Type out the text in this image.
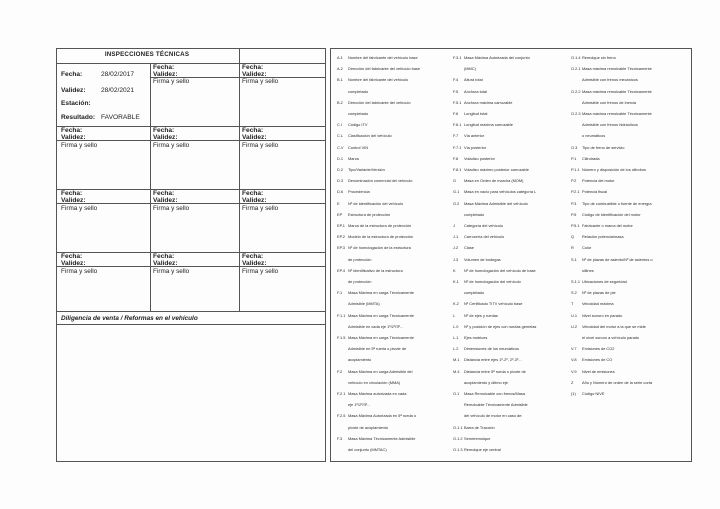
INSPECCIONES TÉCNICAS
Fecha:	28/02/2017
Validez: 28/02/2021
Estación:
Resultado: FAVORABLE
Fecha:
Validez:
Firma y sello
Fecha:
Validez:
Firma y sello
Fecha:
Validez:
Firma y sello
Fecha:
Validez:
Firma y sello
Fecha:
Validez:
Firma y sello
Fecha:
Validez:
Firma y sello
Fecha:
Validez:
Firma y sello
Fecha:
Validez:
Firma y sello
Fecha:
Validez:
Firma y sello
Fecha:
Validez:
Firma y sello
Fecha:
Validez:
Firma y sello
Diligencia de venta / Reformas en el vehículo
A.1 Nombre del fabricante del vehículo base
A.2 Dirección del fabricante del vehículo base
B.1 Nombre del fabricante del vehículo
completado
B.2 Dirección del fabricante del vehículo
completado
C.I Código ITV
C.L Clasificación del vehículo
C.V Control VIN
D.1 Marca
D.2 Tipo/Variante/Versión
D.3 Denominación comercial del vehículo
D.6 Procedencia
E Nº de identificación del vehículo
EP Estructura de protección
EP.1 Marca de la estructura de protección
EP.2 Modelo de la estructura de protección
EP.3 Nº de homologación de la estructura
de protección
EP.4 Nº identificativo de la estructura
de protección
F.1 Masa Máxima en carga Técnicamente
Admisible (MMTA)
F.1.1 Masa Máxima en carga Técnicamente
Admisible en cada eje 1º/2º/3º...
F.1.5 Masa Máxima en carga Técnicamente
Admisible en 5ª rueda o pivote de
acoplamiento
F.2 Masa Máxima en carga Admisible del
vehículo en circulación (MMA)
F.2.1 Masa Máxima autorizada en cada
eje 1º/2º/3º...
F.2.5 Masa Máxima Autorizada en 5ª rueda o
pivote de acoplamiento
F.3 Masa Máxima Técnicamente Admisible
del conjunto (MMTAC)
F.3.1 Masa Máxima Autorizada del conjunto
(MMC)
F.4 Altura total
F.5 Anchura total
F.5.1 Anchura máxima carrozable
F.6 Longitud total
F.6.1 Longitud máxima carrozable
F.7 Vía anterior
F.7.1 Vía posterior
F.8 Voladizo posterior
F.8.1 Voladizo máximo posterior carrozable
G Masa en Orden de marcha (MOM)
G.1 Masa en vacío para vehículos categoría L
G.2 Masa Máxima Admisible del vehículo
completado
J Categoría del vehículo
J.1 Carrocería del vehículo
J.2 Clase
J.3 Volumen de bodegas
K Nº de homologación del vehículo de base
K.1 Nº de homologación del vehículo
completado
K.2 Nº Certificado TITV vehículo base
L Nº de ejes y ruedas
L.0 Nº y posición de ejes con ruedas gemelas
L.1 Ejes motrices
L.2 Dimensiones de los neumáticos
M.1 Distancia entre ejes 1º-2º, 2º-3º...
M.4 Distancia entre 5ª rueda o pivote de
acoplamiento y último eje
O.1 Masa Remolcable con frenos/Masa
Remolcable Técnicamente Admisible
del vehículo de motor en caso de:
O.1.1Barra de Tracción
O.1.2Semirremolque
O.1.3Remolque eje central
O.1.4Remolque sin freno
O.2.1Masa máxima remolcable Técnicamente
Admisible con frenos mecánicos
O.2.2Masa máxima remolcable Técnicamente
Admisible con frenos de inercia
O.2.3Masa máxima remolcable Técnicamente
Admisible con frenos hidráulicos
o neumáticos
O.3 Tipo de freno de servicio
P.1 Cilindrada
P.1.1 Número y disposición de los cilindros
P.2 Potencia del motor
P.2.1 Potencia fiscal
P.3 Tipo de combustible o fuente de energía
P.5 Código de identificación del motor
P.5.1 Fabricante o marca del motor
Q Relación potencia/masa
R Color
S.1 Nº de plazas de asiento/Nº de asientos o
sillines
S.1.1 Ubicaciones de seguridad
S.2 Nº de plazas de pie
T Velocidad máxima
U.1 Nivel sonoro en parado
U.2 Velocidad del motor a la que se mide
el nivel sonoro a vehículo parado
V.7 Emisiones de CO2
V.8 Emisiones de CO
V.9 Nivel de emisiones
Z Año y Número de orden de la serie corta
(1) Código NIVE
